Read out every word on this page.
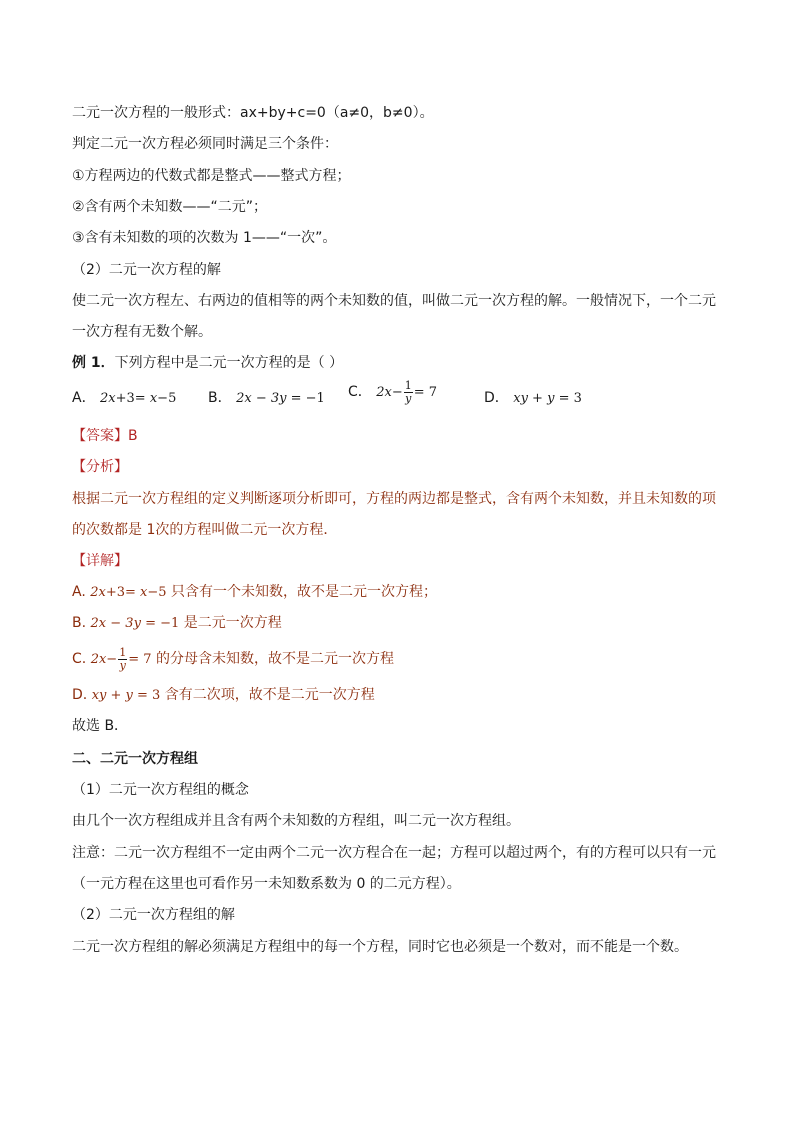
二元一次方程的一般形式：ax+by+c=0（a≠0，b≠0）。
判定二元一次方程必须同时满足三个条件：
①方程两边的代数式都是整式——整式方程；
②含有两个未知数——“二元”；
③含有未知数的项的次数为 1——“一次”。
（2）二元一次方程的解
使二元一次方程左、右两边的值相等的两个未知数的值，叫做二元一次方程的解。一般情况下，一个二元
一次方程有无数个解。
例 1．下列方程中是二元一次方程的是（ ）
A． 2x+3= x−5 B． 2x − 3y = −1 C． $2x- \frac{1}{y} = 7$	D． xy + y = 3
【答案】B
【分析】
根据二元一次方程组的定义判断逐项分析即可，方程的两边都是整式，含有两个未知数，并且未知数的项
的次数都是 1次的方程叫做二元一次方程．
【详解】
A. 2x+3= x−5 只含有一个未知数，故不是二元一次方程；
B. 2x − 3y = −1 是二元一次方程
C. $2x- \frac{1}{y} = 7$ 的分母含未知数，故不是二元一次方程
D. xy + y = 3 含有二次项，故不是二元一次方程
故选 B．
二、二元一次方程组
（1）二元一次方程组的概念
由几个一次方程组成并且含有两个未知数的方程组，叫二元一次方程组。
注意：二元一次方程组不一定由两个二元一次方程合在一起；方程可以超过两个，有的方程可以只有一元
（一元方程在这里也可看作另一未知数系数为 0 的二元方程）。
（2）二元一次方程组的解
二元一次方程组的解必须满足方程组中的每一个方程，同时它也必须是一个数对，而不能是一个数。
